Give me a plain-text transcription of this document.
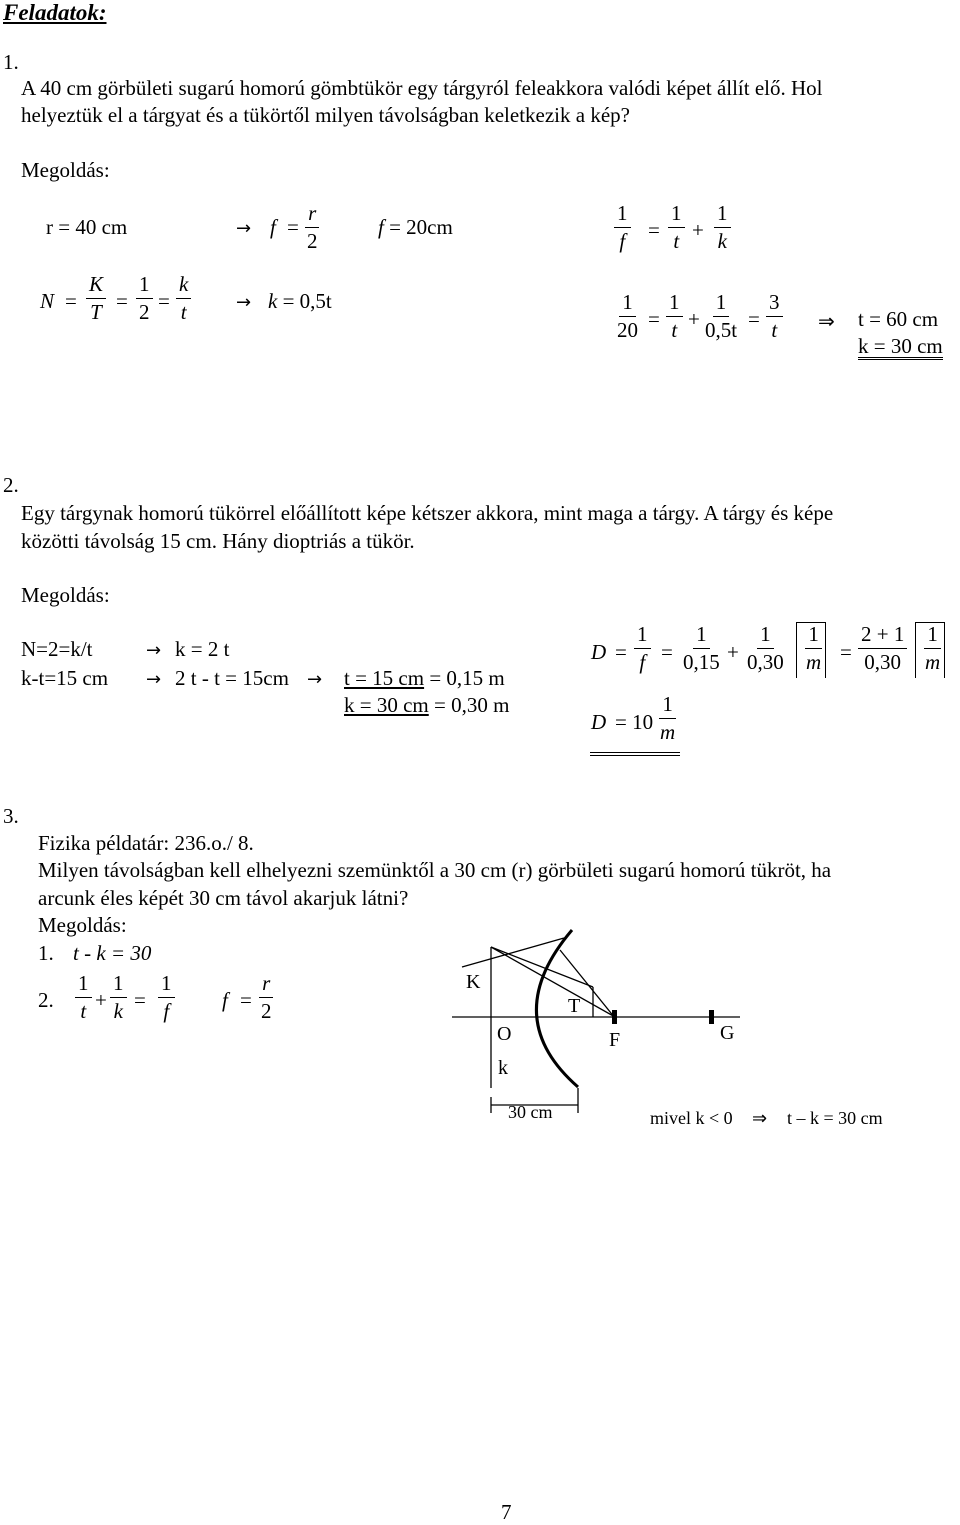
Feladatok:
1.
A 40 cm görbületi sugarú homorú gömbtükör egy tárgyról feleakkora valódi képet állít elő. Hol
helyeztük el a tárgyat és a tükörtől milyen távolságban keletkezik a kép?
Megoldás:
r = 40 cm	→ $f = \frac{r}{2}$	f = 20cm	$\frac{1}{f} = \frac{1}{t} + \frac{1}{k}$
$N = \frac{K}{T} = \frac{1}{2} = \frac{k}{t} \to k = 0,5t$	$\frac{1}{20} = \frac{1}{t} + \frac{1}{0,5t} = \frac{3}{t}$ ⇒ t = 60 cm
k = 30 cm
2.
Egy tárgynak homorú tükörrel előállított képe kétszer akkora, mint maga a tárgy. A tárgy és képe
közötti távolság 15 cm. Hány dioptriás a tükör.
Megoldás:
N=2=k/t	→ k = 2 t
k-t=15 cm → 2 t - t = 15cm → t = 15 cm = 0,15 m
k = 30 cm = 0,30 m
$D = \frac{1}{f} = \frac{1}{0,15} + \frac{1}{0,30} \frac{1}{m} = \frac{2 + 1}{0,30} \frac{1}{m}$
$D = 10 \frac{1}{m}$
3.
Fizika példatár: 236.o./ 8.
Milyen távolságban kell elhelyezni szemünktől a 30 cm (r) görbületi sugarú homorú tükröt, ha
arcunk éles képét 30 cm távol akarjuk látni?
Megoldás:
1. t - k = 30
2. $\frac{1}{t} + \frac{1}{k} = \frac{1}{f}$ $f = \frac{r}{2}$	K
O
k
T
F	G
30 cm	mivel k < 0 ⇒ t – k = 30 cm
7
